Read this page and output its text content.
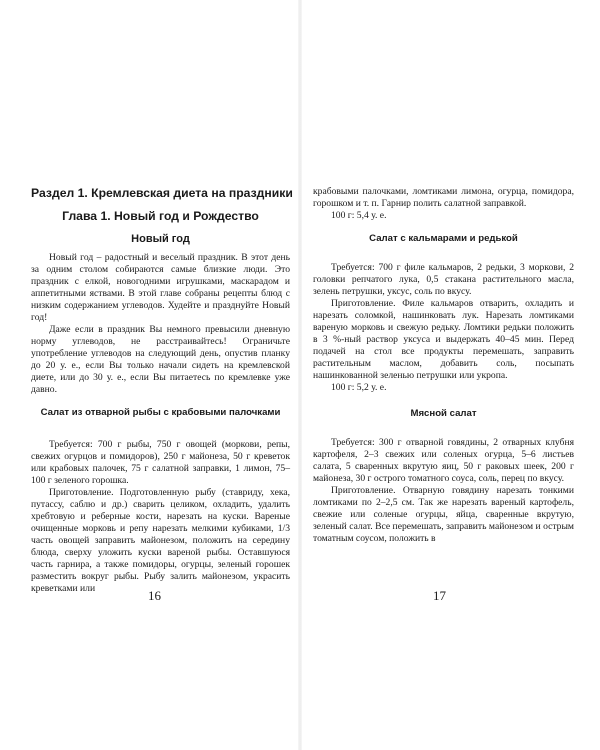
Раздел 1. Кремлевская диета на праздники
Глава 1. Новый год и Рождество
Новый год

Новый год – радостный и веселый праздник. В этот день за одним столом собираются самые близкие люди. Это праздник с елкой, новогодними игрушками, маскарадом и аппетитными яствами. В этой главе собраны рецепты блюд с низким содержанием углеводов. Худейте и празднуйте Новый год!

Даже если в праздник Вы немного превысили дневную норму углеводов, не расстраивайтесь! Ограничьте употребление углеводов на следующий день, опустив планку до 20 у. е., если Вы только начали сидеть на кремлевской диете, или до 30 у. е., если Вы питаетесь по кремлевке уже давно.

Салат из отварной рыбы с крабовыми палочками

Требуется: 700 г рыбы, 750 г овощей (моркови, репы, свежих огурцов и помидоров), 250 г майонеза, 50 г креветок или крабовых палочек, 75 г салатной заправки, 1 лимон, 75–100 г зеленого горошка.

Приготовление. Подготовленную рыбу (ставриду, хека, путассу, саблю и др.) сварить целиком, охладить, удалить хребтовую и реберные кости, нарезать на куски. Вареные очищенные морковь и репу нарезать мелкими кубиками, 1/3 часть овощей заправить майонезом, положить на середину блюда, сверху уложить куски вареной рыбы. Оставшуюся часть гарнира, а также помидоры, огурцы, зеленый горошек разместить вокруг рыбы. Рыбу залить майонезом, украсить креветками или	16

крабовыми палочками, ломтиками лимона, огурца, помидора, горошком и т. п. Гарнир полить салатной заправкой.

100 г: 5,4 у. е.

Салат с кальмарами и редькой

Требуется: 700 г филе кальмаров, 2 редьки, 3 моркови, 2 головки репчатого лука, 0,5 стакана растительного масла, зелень петрушки, уксус, соль по вкусу.

Приготовление. Филе кальмаров отварить, охладить и нарезать соломкой, нашинковать лук. Нарезать ломтиками вареную морковь и свежую редьку. Ломтики редьки положить в 3 %-ный раствор уксуса и выдержать 40–45 мин. Перед подачей на стол все продукты перемешать, заправить растительным маслом, добавить соль, посыпать нашинкованной зеленью петрушки или укропа.

100 г: 5,2 у. е.

Мясной салат

Требуется: 300 г отварной говядины, 2 отварных клубня картофеля, 2–3 свежих или соленых огурца, 5–6 листьев салата, 5 сваренных вкрутую яиц, 50 г раковых шеек, 200 г майонеза, 30 г острого томатного соуса, соль, перец по вкусу.

Приготовление. Отварную говядину нарезать тонкими ломтиками по 2–2,5 см. Так же нарезать вареный картофель, свежие или соленые огурцы, яйца, сваренные вкрутую, зеленый салат. Все перемешать, заправить майонезом и острым томатным соусом, положить в

17
